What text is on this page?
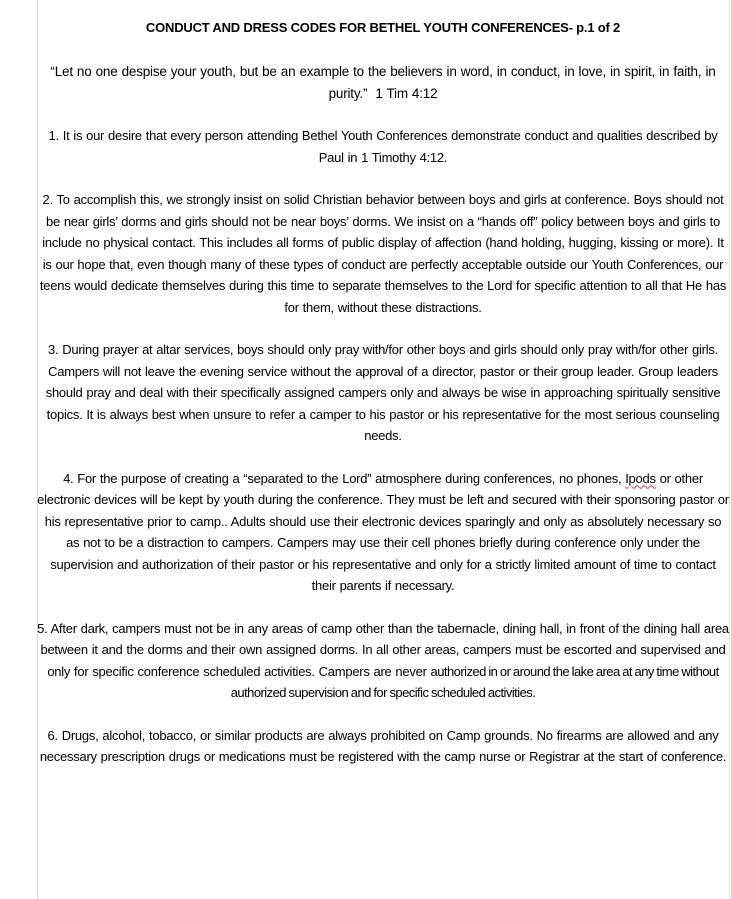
CONDUCT AND DRESS CODES FOR BETHEL YOUTH CONFERENCES- p.1 of 2

“Let no one despise your youth, but be an example to the believers in word, in conduct, in love, in spirit, in faith, in purity.” 1 Tim 4:12

1. It is our desire that every person attending Bethel Youth Conferences demonstrate conduct and qualities described by Paul in 1 Timothy 4:12.

2. To accomplish this, we strongly insist on solid Christian behavior between boys and girls at conference. Boys should not be near girls’ dorms and girls should not be near boys’ dorms. We insist on a “hands off” policy between boys and girls to include no physical contact. This includes all forms of public display of affection (hand holding, hugging, kissing or more). It is our hope that, even though many of these types of conduct are perfectly acceptable outside our Youth Conferences, our teens would dedicate themselves during this time to separate themselves to the Lord for specific attention to all that He has for them, without these distractions.

3. During prayer at altar services, boys should only pray with/for other boys and girls should only pray with/for other girls. Campers will not leave the evening service without the approval of a director, pastor or their group leader. Group leaders should pray and deal with their specifically assigned campers only and always be wise in approaching spiritually sensitive topics. It is always best when unsure to refer a camper to his pastor or his representative for the most serious counseling needs.

4. For the purpose of creating a “separated to the Lord” atmosphere during conferences, no phones, Ipods or other electronic devices will be kept by youth during the conference. They must be left and secured with their sponsoring pastor or his representative prior to camp.. Adults should use their electronic devices sparingly and only as absolutely necessary so as not to be a distraction to campers. Campers may use their cell phones briefly during conference only under the supervision and authorization of their pastor or his representative and only for a strictly limited amount of time to contact their parents if necessary.

5. After dark, campers must not be in any areas of camp other than the tabernacle, dining hall, in front of the dining hall area between it and the dorms and their own assigned dorms. In all other areas, campers must be escorted and supervised and only for specific conference scheduled activities. Campers are never authorized in or around the lake area at any time without authorized supervision and for specific scheduled activities.

6. Drugs, alcohol, tobacco, or similar products are always prohibited on Camp grounds. No firearms are allowed and any necessary prescription drugs or medications must be registered with the camp nurse or Registrar at the start of conference.
